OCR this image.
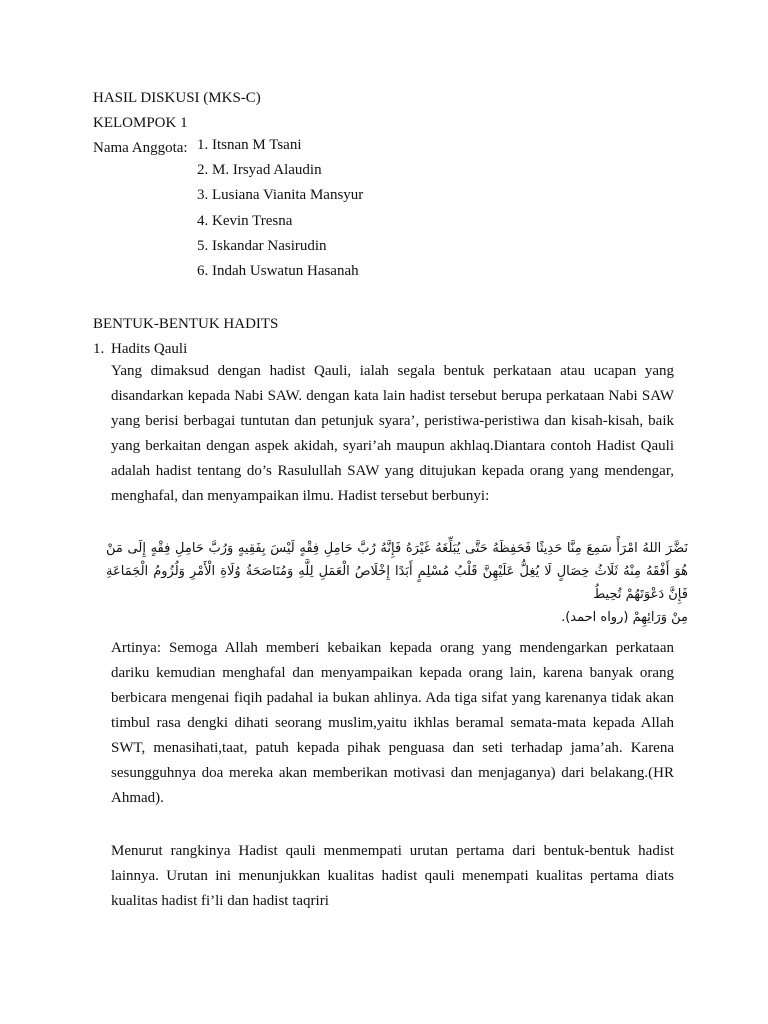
HASIL DISKUSI (MKS-C)
KELOMPOK 1
Nama Anggota: 1. Itsnan M Tsani
2. M. Irsyad Alaudin
3. Lusiana Vianita Mansyur
4. Kevin Tresna
5. Iskandar Nasirudin
6. Indah Uswatun Hasanah
BENTUK-BENTUK HADITS
1. Hadits Qauli
Yang dimaksud dengan hadist Qauli, ialah segala bentuk perkataan atau ucapan yang disandarkan kepada Nabi SAW. dengan kata lain hadist tersebut berupa perkataan Nabi SAW yang berisi berbagai tuntutan dan petunjuk syara’, peristiwa-peristiwa dan kisah-kisah, baik yang berkaitan dengan aspek akidah, syari’ah maupun akhlaq.Diantara contoh Hadist Qauli adalah hadist tentang do’s Rasulullah SAW yang ditujukan kepada orang yang mendengar, menghafal, dan menyampaikan ilmu. Hadist tersebut berbunyi:
نَضَّرَ اللهُ امْرَأً سَمِعَ مِنَّا حَدِيثًا فَحَفِظَهُ حَتَّى يُبَلِّغَهُ غَيْرَهُ فَإِنَّهُ رُبَّ حَامِلِ فِقْهٍ لَيْسَ بِفَقِيهٍ وَرُبَّ حَامِلِ فِقْهٍ إِلَى مَنْ هُوَ أَفْقَهُ مِنْهُ ثَلَاثُ خِصَالٍ لَا يُغِلُّ عَلَيْهِنَّ قَلْبُ مُسْلِمٍ أَبَدًا إِخْلَاصُ الْعَمَلِ لِلَّهِ وَمُنَاصَحَةُ وُلَاةِ الْأَمْرِ وَلُزُومُ الْجَمَاعَةِ فَإِنَّ دَعْوَتَهُمْ تُحِيطُ
مِنْ وَرَائِهِمْ (رواه احمد).
Artinya: Semoga Allah memberi kebaikan kepada orang yang mendengarkan perkataan dariku kemudian menghafal dan menyampaikan kepada orang lain, karena banyak orang berbicara mengenai fiqih padahal ia bukan ahlinya. Ada tiga sifat yang karenanya tidak akan timbul rasa dengki dihati seorang muslim,yaitu ikhlas beramal semata-mata kepada Allah SWT, menasihati,taat, patuh kepada pihak penguasa dan seti terhadap jama’ah. Karena sesungguhnya doa mereka akan memberikan motivasi dan menjaganya) dari belakang.(HR Ahmad).
Menurut rangkinya Hadist qauli menmempati urutan pertama dari bentuk-bentuk hadist lainnya. Urutan ini menunjukkan kualitas hadist qauli menempati kualitas pertama diats kualitas hadist fi’li dan hadist taqriri
